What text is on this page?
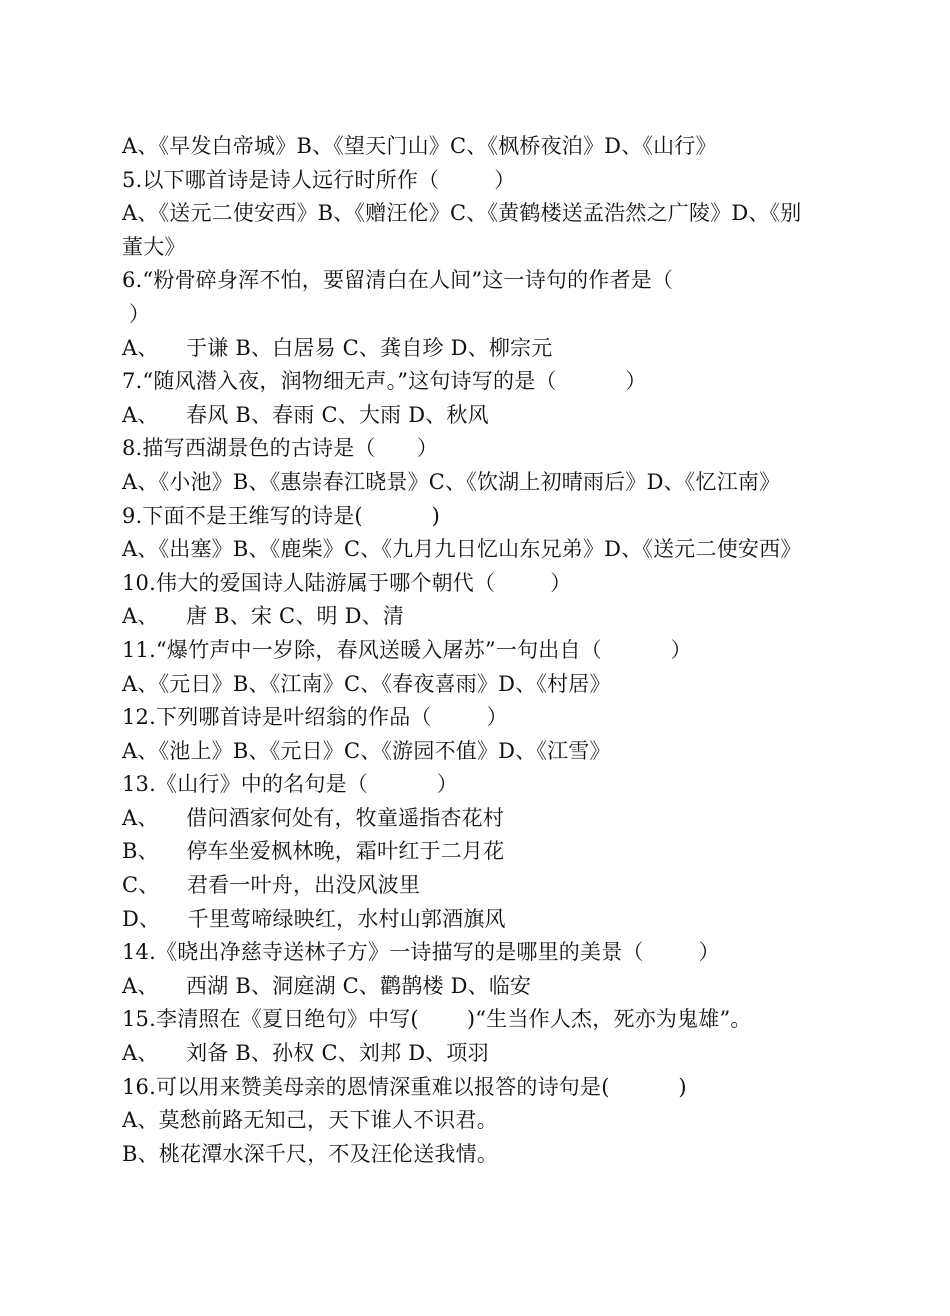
A、《早发白帝城》B、《望天门山》C、《枫桥夜泊》D、《山行》
5.以下哪首诗是诗人远行时所作（        ）
A、《送元二使安西》B、《赠汪伦》C、《黄鹤楼送孟浩然之广陵》D、《别
董大》
6.“粉骨碎身浑不怕，要留清白在人间”这一诗句的作者是（
）
A、    于谦 B、白居易 C、龚自珍 D、柳宗元
7.“随风潜入夜，润物细无声。”这句诗写的是（          ）
A、    春风 B、春雨 C、大雨 D、秋风
8.描写西湖景色的古诗是（      ）
A、《小池》B、《惠崇春江晓景》C、《饮湖上初晴雨后》D、《忆江南》
9.下面不是王维写的诗是(          )
A、《出塞》B、《鹿柴》C、《九月九日忆山东兄弟》D、《送元二使安西》
10.伟大的爱国诗人陆游属于哪个朝代（        ）
A、    唐 B、宋 C、明 D、清
11.“爆竹声中一岁除，春风送暖入屠苏”一句出自（          ）
A、《元日》B、《江南》C、《春夜喜雨》D、《村居》
12.下列哪首诗是叶绍翁的作品（        ）
A、《池上》B、《元日》C、《游园不值》D、《江雪》
13.《山行》中的名句是（          ）
A、    借问酒家何处有，牧童遥指杏花村
B、    停车坐爱枫林晚，霜叶红于二月花
C、    君看一叶舟，出没风波里
D、    千里莺啼绿映红，水村山郭酒旗风
14.《晓出净慈寺送林子方》一诗描写的是哪里的美景（        ）
A、    西湖 B、洞庭湖 C、鹳鹊楼 D、临安
15.李清照在《夏日绝句》中写(       )“生当作人杰，死亦为鬼雄”。
A、    刘备 B、孙权 C、刘邦 D、项羽
16.可以用来赞美母亲的恩情深重难以报答的诗句是(          )
A、莫愁前路无知己，天下谁人不识君。
B、桃花潭水深千尺，不及汪伦送我情。
